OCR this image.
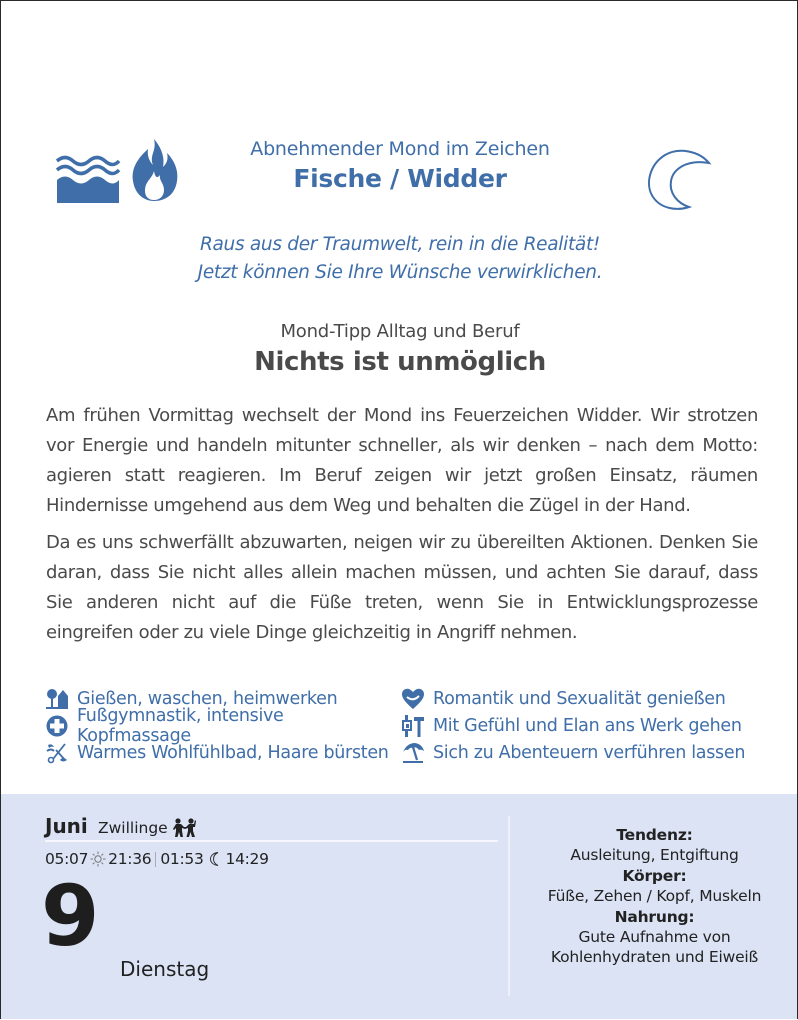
Abnehmender Mond im Zeichen
Fische / Widder
Raus aus der Traumwelt, rein in die Realität!
Jetzt können Sie Ihre Wünsche verwirklichen.
Mond-Tipp Alltag und Beruf
Nichts ist unmöglich

Am frühen Vormittag wechselt der Mond ins Feuerzeichen Widder. Wir strotzen vor Energie und handeln mitunter schneller, als wir denken – nach dem Motto: agieren statt reagieren. Im Beruf zeigen wir jetzt großen Einsatz, räumen Hindernisse umgehend aus dem Weg und behalten die Zügel in der Hand.

Da es uns schwerfällt abzuwarten, neigen wir zu übereilten Aktionen. Denken Sie daran, dass Sie nicht alles allein machen müssen, und achten Sie darauf, dass Sie anderen nicht auf die Füße treten, wenn Sie in Entwicklungsprozesse eingreifen oder zu viele Dinge gleichzeitig in Angriff nehmen.

Gießen, waschen, heimwerken	Romantik und Sexualität genießen
Fußgymnastik, intensive Kopfmassage	Mit Gefühl und Elan ans Werk gehen
Warmes Wohlfühlbad, Haare bürsten	Sich zu Abenteuern verführen lassen
Juni Zwillinge
05:07 21:36 01:53 14:29
9
Dienstag
Tendenz:
Ausleitung, Entgiftung
Körper:
Füße, Zehen / Kopf, Muskeln
Nahrung:
Gute Aufnahme von
Kohlenhydraten und Eiweiß
